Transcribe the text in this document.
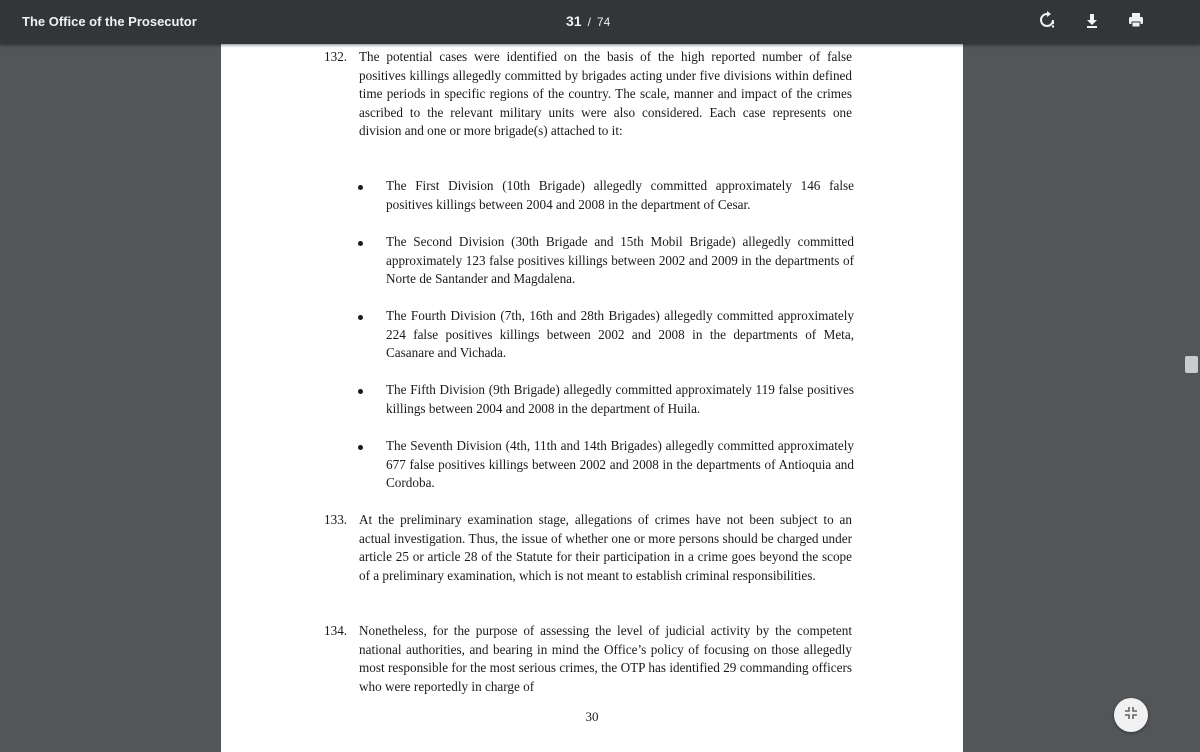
The Office of the Prosecutor	31 / 74
132. The potential cases were identified on the basis of the high reported number of false positives killings allegedly committed by brigades acting under five divisions within defined time periods in specific regions of the country. The scale, manner and impact of the crimes ascribed to the relevant military units were also considered. Each case represents one division and one or more brigade(s) attached to it:

The First Division (10th Brigade) allegedly committed approximately 146 false positives killings between 2004 and 2008 in the department of Cesar.

The Second Division (30th Brigade and 15th Mobil Brigade) allegedly committed approximately 123 false positives killings between 2002 and 2009 in the departments of Norte de Santander and Magdalena.

The Fourth Division (7th, 16th and 28th Brigades) allegedly committed approximately 224 false positives killings between 2002 and 2008 in the departments of Meta, Casanare and Vichada.

The Fifth Division (9th Brigade) allegedly committed approximately 119 false positives killings between 2004 and 2008 in the department of Huila.

The Seventh Division (4th, 11th and 14th Brigades) allegedly committed approximately 677 false positives killings between 2002 and 2008 in the departments of Antioquia and Cordoba.

133. At the preliminary examination stage, allegations of crimes have not been subject to an actual investigation. Thus, the issue of whether one or more persons should be charged under article 25 or article 28 of the Statute for their participation in a crime goes beyond the scope of a preliminary examination, which is not meant to establish criminal responsibilities.

134. Nonetheless, for the purpose of assessing the level of judicial activity by the competent national authorities, and bearing in mind the Office’s policy of focusing on those allegedly most responsible for the most serious crimes, the OTP has identified 29 commanding officers who were reportedly in charge of

30
